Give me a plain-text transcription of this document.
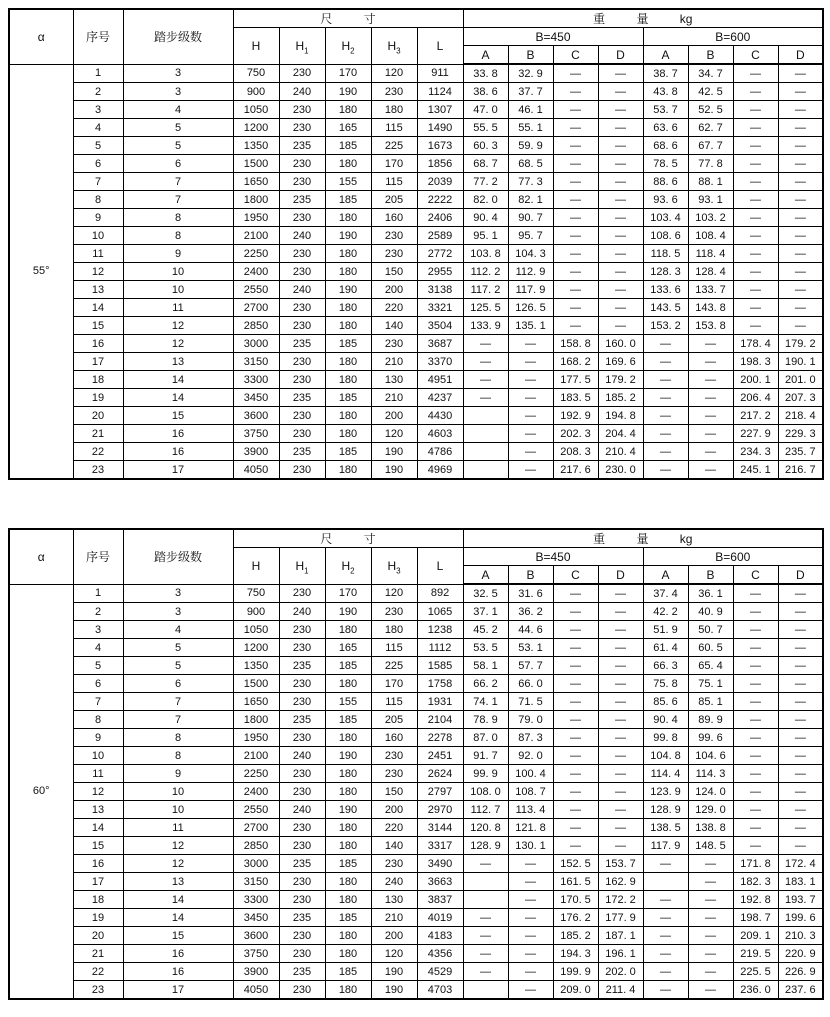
α	序号	踏步级数	尺 寸					重 量 kg							
			H	$H_1$	$H_2$	$H_3$	L	B=450				B=600			
								A	B	C	D	A	B	C	D
55°	1	3	750	230	170	120	911	33. 8	32. 9	—	—	38. 7	34. 7	—	—
	2	3	900	240	190	230	1124	38. 6	37. 7	—	—	43. 8	42. 5	—	—
	3	4	1050	230	180	180	1307	47. 0	46. 1	—	—	53. 7	52. 5	—	—
	4	5	1200	230	165	115	1490	55. 5	55. 1	—	—	63. 6	62. 7	—	—
	5	5	1350	235	185	225	1673	60. 3	59. 9	—	—	68. 6	67. 7	—	—
	6	6	1500	230	180	170	1856	68. 7	68. 5	—	—	78. 5	77. 8	—	—
	7	7	1650	230	155	115	2039	77. 2	77. 3	—	—	88. 6	88. 1	—	—
	8	7	1800	235	185	205	2222	82. 0	82. 1	—	—	93. 6	93. 1	—	—
	9	8	1950	230	180	160	2406	90. 4	90. 7	—	—	103. 4	103. 2	—	—
	10	8	2100	240	190	230	2589	95. 1	95. 7	—	—	108. 6	108. 4	—	—
	11	9	2250	230	180	230	2772	103. 8	104. 3	—	—	118. 5	118. 4	—	—
	12	10	2400	230	180	150	2955	112. 2	112. 9	—	—	128. 3	128. 4	—	—
	13	10	2550	240	190	200	3138	117. 2	117. 9	—	—	133. 6	133. 7	—	—
	14	11	2700	230	180	220	3321	125. 5	126. 5	—	—	143. 5	143. 8	—	—
	15	12	2850	230	180	140	3504	133. 9	135. 1	—	—	153. 2	153. 8	—	—
	16	12	3000	235	185	230	3687	—	—	158. 8	160. 0	—	—	178. 4	179. 2
	17	13	3150	230	180	210	3370	—	—	168. 2	169. 6	—	—	198. 3	190. 1
	18	14	3300	230	180	130	4951	—	—	177. 5	179. 2	—	—	200. 1	201. 0
	19	14	3450	235	185	210	4237	—	—	183. 5	185. 2	—	—	206. 4	207. 3
	20	15	3600	230	180	200	4430		—	192. 9	194. 8	—	—	217. 2	218. 4
	21	16	3750	230	180	120	4603		—	202. 3	204. 4	—	—	227. 9	229. 3
	22	16	3900	235	185	190	4786		—	208. 3	210. 4	—	—	234. 3	235. 7
	23	17	4050	230	180	190	4969		—	217. 6	230. 0	—	—	245. 1	216. 7
α	序号	踏步级数	尺 寸					重 量 kg							
			H	$H_1$	$H_2$	$H_3$	L	B=450				B=600			
								A	B	C	D	A	B	C	D
60°	1	3	750	230	170	120	892	32. 5	31. 6	—	—	37. 4	36. 1	—	—
	2	3	900	240	190	230	1065	37. 1	36. 2	—	—	42. 2	40. 9	—	—
	3	4	1050	230	180	180	1238	45. 2	44. 6	—	—	51. 9	50. 7	—	—
	4	5	1200	230	165	115	1112	53. 5	53. 1	—	—	61. 4	60. 5	—	—
	5	5	1350	235	185	225	1585	58. 1	57. 7	—	—	66. 3	65. 4	—	—
	6	6	1500	230	180	170	1758	66. 2	66. 0	—	—	75. 8	75. 1	—	—
	7	7	1650	230	155	115	1931	74. 1	71. 5	—	—	85. 6	85. 1	—	—
	8	7	1800	235	185	205	2104	78. 9	79. 0	—	—	90. 4	89. 9	—	—
	9	8	1950	230	180	160	2278	87. 0	87. 3	—	—	99. 8	99. 6	—	—
	10	8	2100	240	190	230	2451	91. 7	92. 0	—	—	104. 8	104. 6	—	—
	11	9	2250	230	180	230	2624	99. 9	100. 4	—	—	114. 4	114. 3	—	—
	12	10	2400	230	180	150	2797	108. 0	108. 7	—	—	123. 9	124. 0	—	—
	13	10	2550	240	190	200	2970	112. 7	113. 4	—	—	128. 9	129. 0	—	—
	14	11	2700	230	180	220	3144	120. 8	121. 8	—	—	138. 5	138. 8	—	—
	15	12	2850	230	180	140	3317	128. 9	130. 1	—	—	117. 9	148. 5	—	—
	16	12	3000	235	185	230	3490	—	—	152. 5	153. 7	—	—	171. 8	172. 4
	17	13	3150	230	180	240	3663		—	161. 5	162. 9		—	182. 3	183. 1
	18	14	3300	230	180	130	3837		—	170. 5	172. 2	—	—	192. 8	193. 7
	19	14	3450	235	185	210	4019	—	—	176. 2	177. 9	—	—	198. 7	199. 6
	20	15	3600	230	180	200	4183	—	—	185. 2	187. 1	—	—	209. 1	210. 3
	21	16	3750	230	180	120	4356	—	—	194. 3	196. 1	—	—	219. 5	220. 9
	22	16	3900	235	185	190	4529	—	—	199. 9	202. 0	—	—	225. 5	226. 9
	23	17	4050	230	180	190	4703		—	209. 0	211. 4	—	—	236. 0	237. 6
